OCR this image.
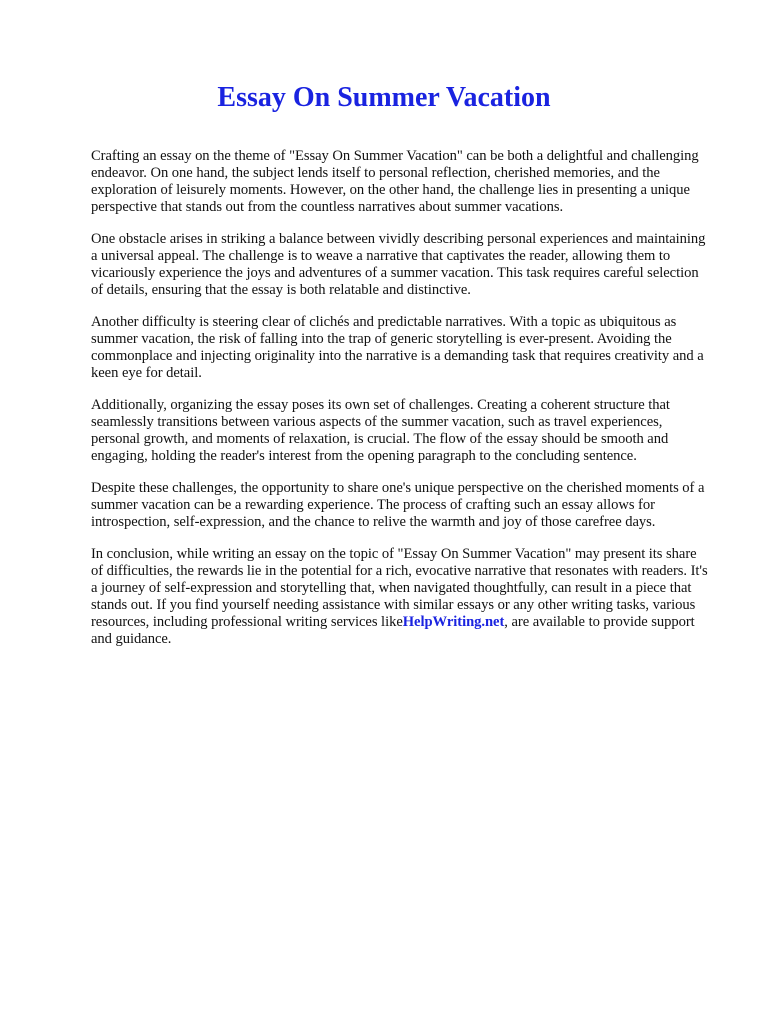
Essay On Summer Vacation

Crafting an essay on the theme of "Essay On Summer Vacation" can be both a delightful and challenging endeavor. On one hand, the subject lends itself to personal reflection, cherished memories, and the exploration of leisurely moments. However, on the other hand, the challenge lies in presenting a unique perspective that stands out from the countless narratives about summer vacations.

One obstacle arises in striking a balance between vividly describing personal experiences and maintaining a universal appeal. The challenge is to weave a narrative that captivates the reader, allowing them to vicariously experience the joys and adventures of a summer vacation. This task requires careful selection of details, ensuring that the essay is both relatable and distinctive.

Another difficulty is steering clear of clichés and predictable narratives. With a topic as ubiquitous as summer vacation, the risk of falling into the trap of generic storytelling is ever-present. Avoiding the commonplace and injecting originality into the narrative is a demanding task that requires creativity and a keen eye for detail.

Additionally, organizing the essay poses its own set of challenges. Creating a coherent structure that seamlessly transitions between various aspects of the summer vacation, such as travel experiences, personal growth, and moments of relaxation, is crucial. The flow of the essay should be smooth and engaging, holding the reader's interest from the opening paragraph to the concluding sentence.

Despite these challenges, the opportunity to share one's unique perspective on the cherished moments of a summer vacation can be a rewarding experience. The process of crafting such an essay allows for introspection, self-expression, and the chance to relive the warmth and joy of those carefree days.

In conclusion, while writing an essay on the topic of "Essay On Summer Vacation" may present its share of difficulties, the rewards lie in the potential for a rich, evocative narrative that resonates with readers. It's a journey of self-expression and storytelling that, when navigated thoughtfully, can result in a piece that stands out. If you find yourself needing assistance with similar essays or any other writing tasks, various resources, including professional writing services likeHelpWriting.net, are available to provide support and guidance.
